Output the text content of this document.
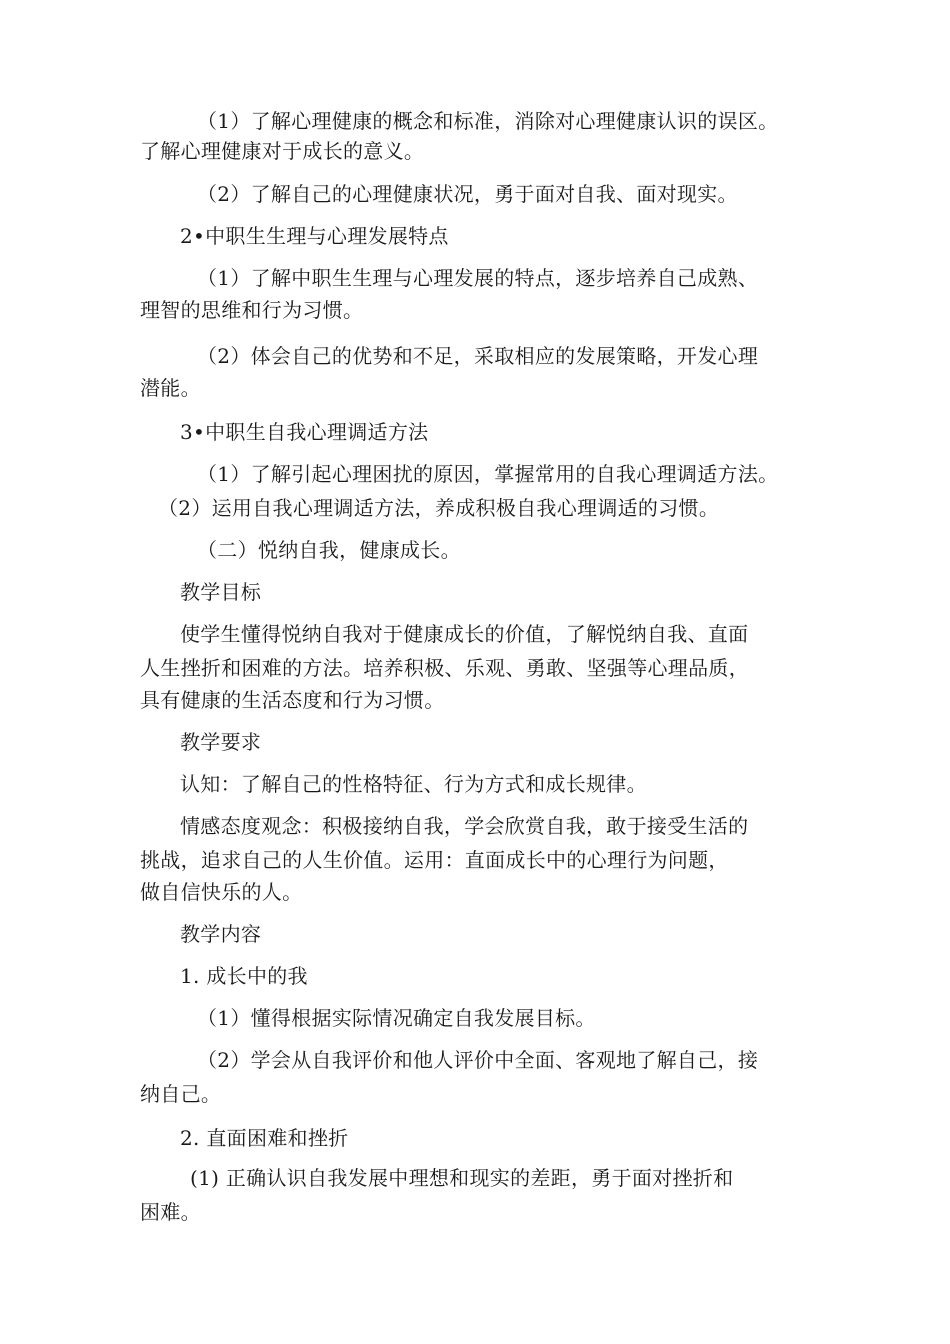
（1）了解心理健康的概念和标准，消除对心理健康认识的误区。
了解心理健康对于成长的意义。
（2）了解自己的心理健康状况，勇于面对自我、面对现实。
2•中职生生理与心理发展特点
（1）了解中职生生理与心理发展的特点，逐步培养自己成熟、
理智的思维和行为习惯。
（2）体会自己的优势和不足，采取相应的发展策略，开发心理
潜能。
3•中职生自我心理调适方法
（1）了解引起心理困扰的原因，掌握常用的自我心理调适方法。
（2）运用自我心理调适方法，养成积极自我心理调适的习惯。
（二）悦纳自我，健康成长。
教学目标
使学生懂得悦纳自我对于健康成长的价值，了解悦纳自我、直面
人生挫折和困难的方法。培养积极、乐观、勇敢、坚强等心理品质，
具有健康的生活态度和行为习惯。
教学要求
认知：了解自己的性格特征、行为方式和成长规律。
情感态度观念：积极接纳自我，学会欣赏自我，敢于接受生活的
挑战，追求自己的人生价值。运用：直面成长中的心理行为问题，
做自信快乐的人。
教学内容
1. 成长中的我
（1）懂得根据实际情况确定自我发展目标。
（2）学会从自我评价和他人评价中全面、客观地了解自己，接
纳自己。
2. 直面困难和挫折
(1) 正确认识自我发展中理想和现实的差距，勇于面对挫折和
困难。
